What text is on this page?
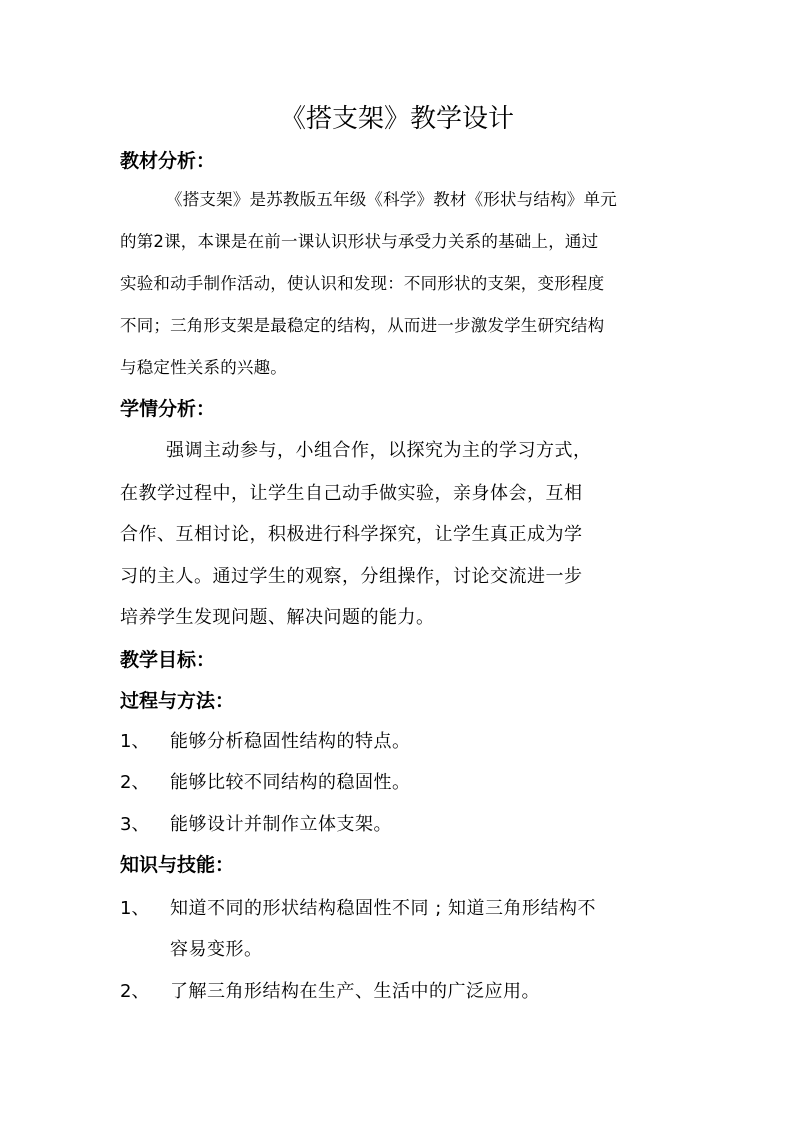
《搭支架》教学设计
教材分析：
《搭支架》是苏教版五年级《科学》教材《形状与结构》单元
的第2课，本课是在前一课认识形状与承受力关系的基础上，通过
实验和动手制作活动，使认识和发现：不同形状的支架，变形程度
不同；三角形支架是最稳定的结构，从而进一步激发学生研究结构
与稳定性关系的兴趣。
学情分析：
强调主动参与，小组合作，以探究为主的学习方式，
在教学过程中，让学生自己动手做实验，亲身体会，互相
合作、互相讨论，积极进行科学探究，让学生真正成为学
习的主人。通过学生的观察，分组操作，讨论交流进一步
培养学生发现问题、解决问题的能力。
教学目标：
过程与方法：
1、 能够分析稳固性结构的特点。
2、 能够比较不同结构的稳固性。
3、 能够设计并制作立体支架。
知识与技能：
1、 知道不同的形状结构稳固性不同 ; 知道三角形结构不
容易变形。
2、 了解三角形结构在生产、生活中的广泛应用。
